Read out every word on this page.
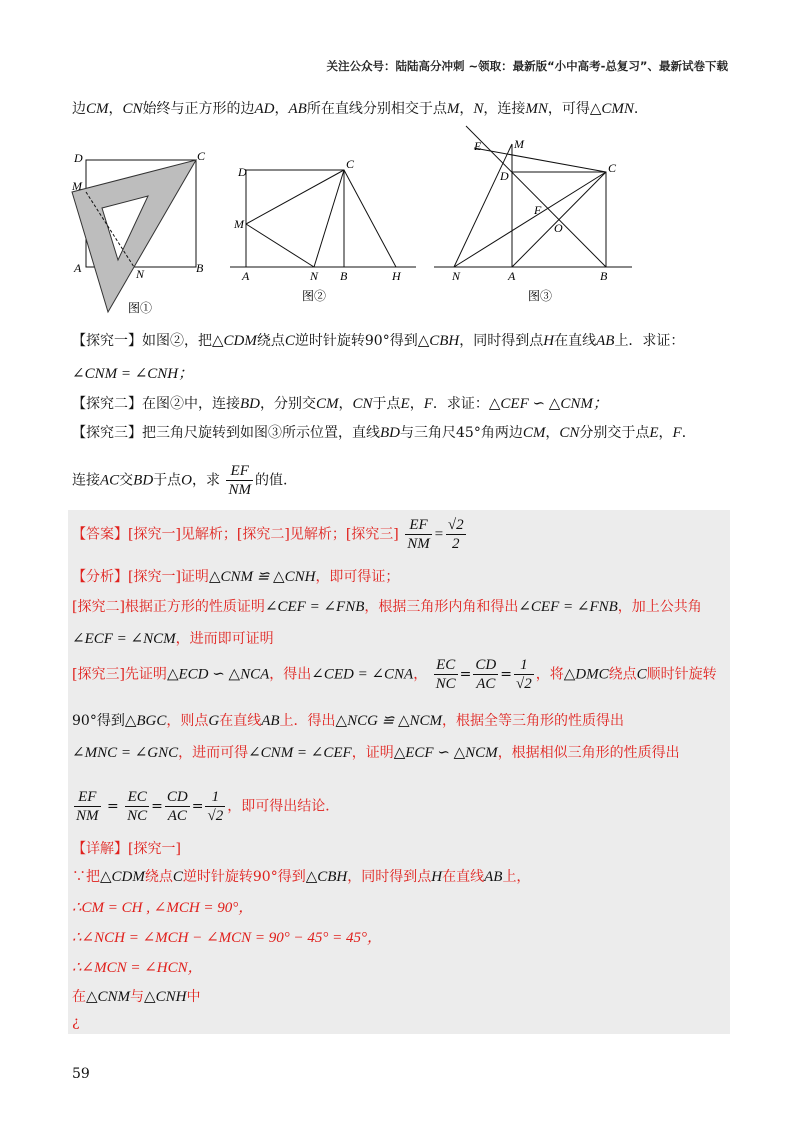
关注公众号：陆陆高分冲刺 ~领取：最新版“小中高考-总复习”、最新试卷下载
边CM，CN始终与正方形的边AD，AB所在直线分别相交于点M，N，连接MN，可得△CMN.
D	C
M
A	N	B
图①
D
C
M
A	N B	H
图②
E	M
D
C
F
O
N	A	B
图③
【探究一】如图②，把△CDM绕点C逆时针旋转90°得到△CBH，同时得到点H在直线AB上．求证：
∠CNM = ∠CNH；
【探究二】在图②中，连接BD，分别交CM，CN于点E，F．求证：△CEF ∽ △CNM；
【探究三】把三角尺旋转到如图③所示位置，直线BD与三角尺45°角两边CM，CN分别交于点E，F．
连接AC交BD于点O，求 $\frac{EF}{NM}$ 的值.
【答案】[探究一]见解析；[探究二]见解析；[探究三] $\frac{EF}{NM} = \frac{√2}{2}$
【分析】[探究一]证明△CNM ≌ △CNH，即可得证；
[探究二]根据正方形的性质证明∠CEF = ∠FNB，根据三角形内角和得出∠CEF = ∠FNB，加上公共角
∠ECF = ∠NCM，进而即可证明
[探究三]先证明△ECD ∽ △NCA，得出∠CED = ∠CNA， $\frac{EC}{NC} = \frac{CD}{AC} = \frac{1}{√2}$ ，将△DMC绕点C顺时针旋转
90°得到△BGC，则点G在直线AB上．得出△NCG ≌ △NCM，根据全等三角形的性质得出
∠MNC = ∠GNC，进而可得∠CNM = ∠CEF，证明△ECF ∽ △NCM，根据相似三角形的性质得出
$\frac{EF}{NM} = \frac{EC}{NC} = \frac{CD}{AC} = \frac{1}{√2}$ ，即可得出结论．
【详解】[探究一]
∵把△CDM绕点C逆时针旋转90°得到△CBH，同时得到点H在直线AB上，
∴CM = CH , ∠MCH = 90°，
∴∠NCH = ∠MCH − ∠MCN = 90° − 45° = 45°，
∴∠MCN = ∠HCN，
在△CNM与△CNH中
¿
59
